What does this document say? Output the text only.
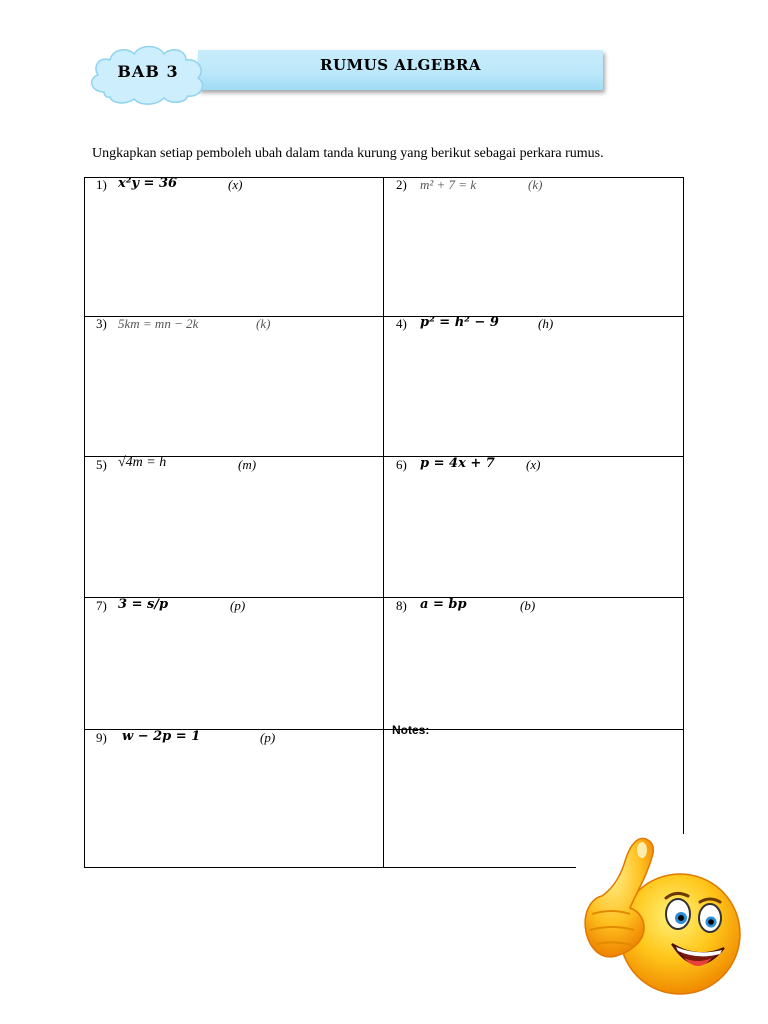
RUMUS ALGEBRA
BAB 3
Ungkapkan setiap pemboleh ubah dalam tanda kurung yang berikut sebagai perkara rumus.
1) x²y = 36	(x)	2) m² + 7 = k	(k)
3) 5km = mn − 2k	(k)	4) p² = h² − 9	(h)
5) √4m = h	(m)	6) p = 4x + 7 (x)
7) 3 = s/p	(p)	8) a = bp	(b)
9) w − 2p = 1	(p)	Notes:
